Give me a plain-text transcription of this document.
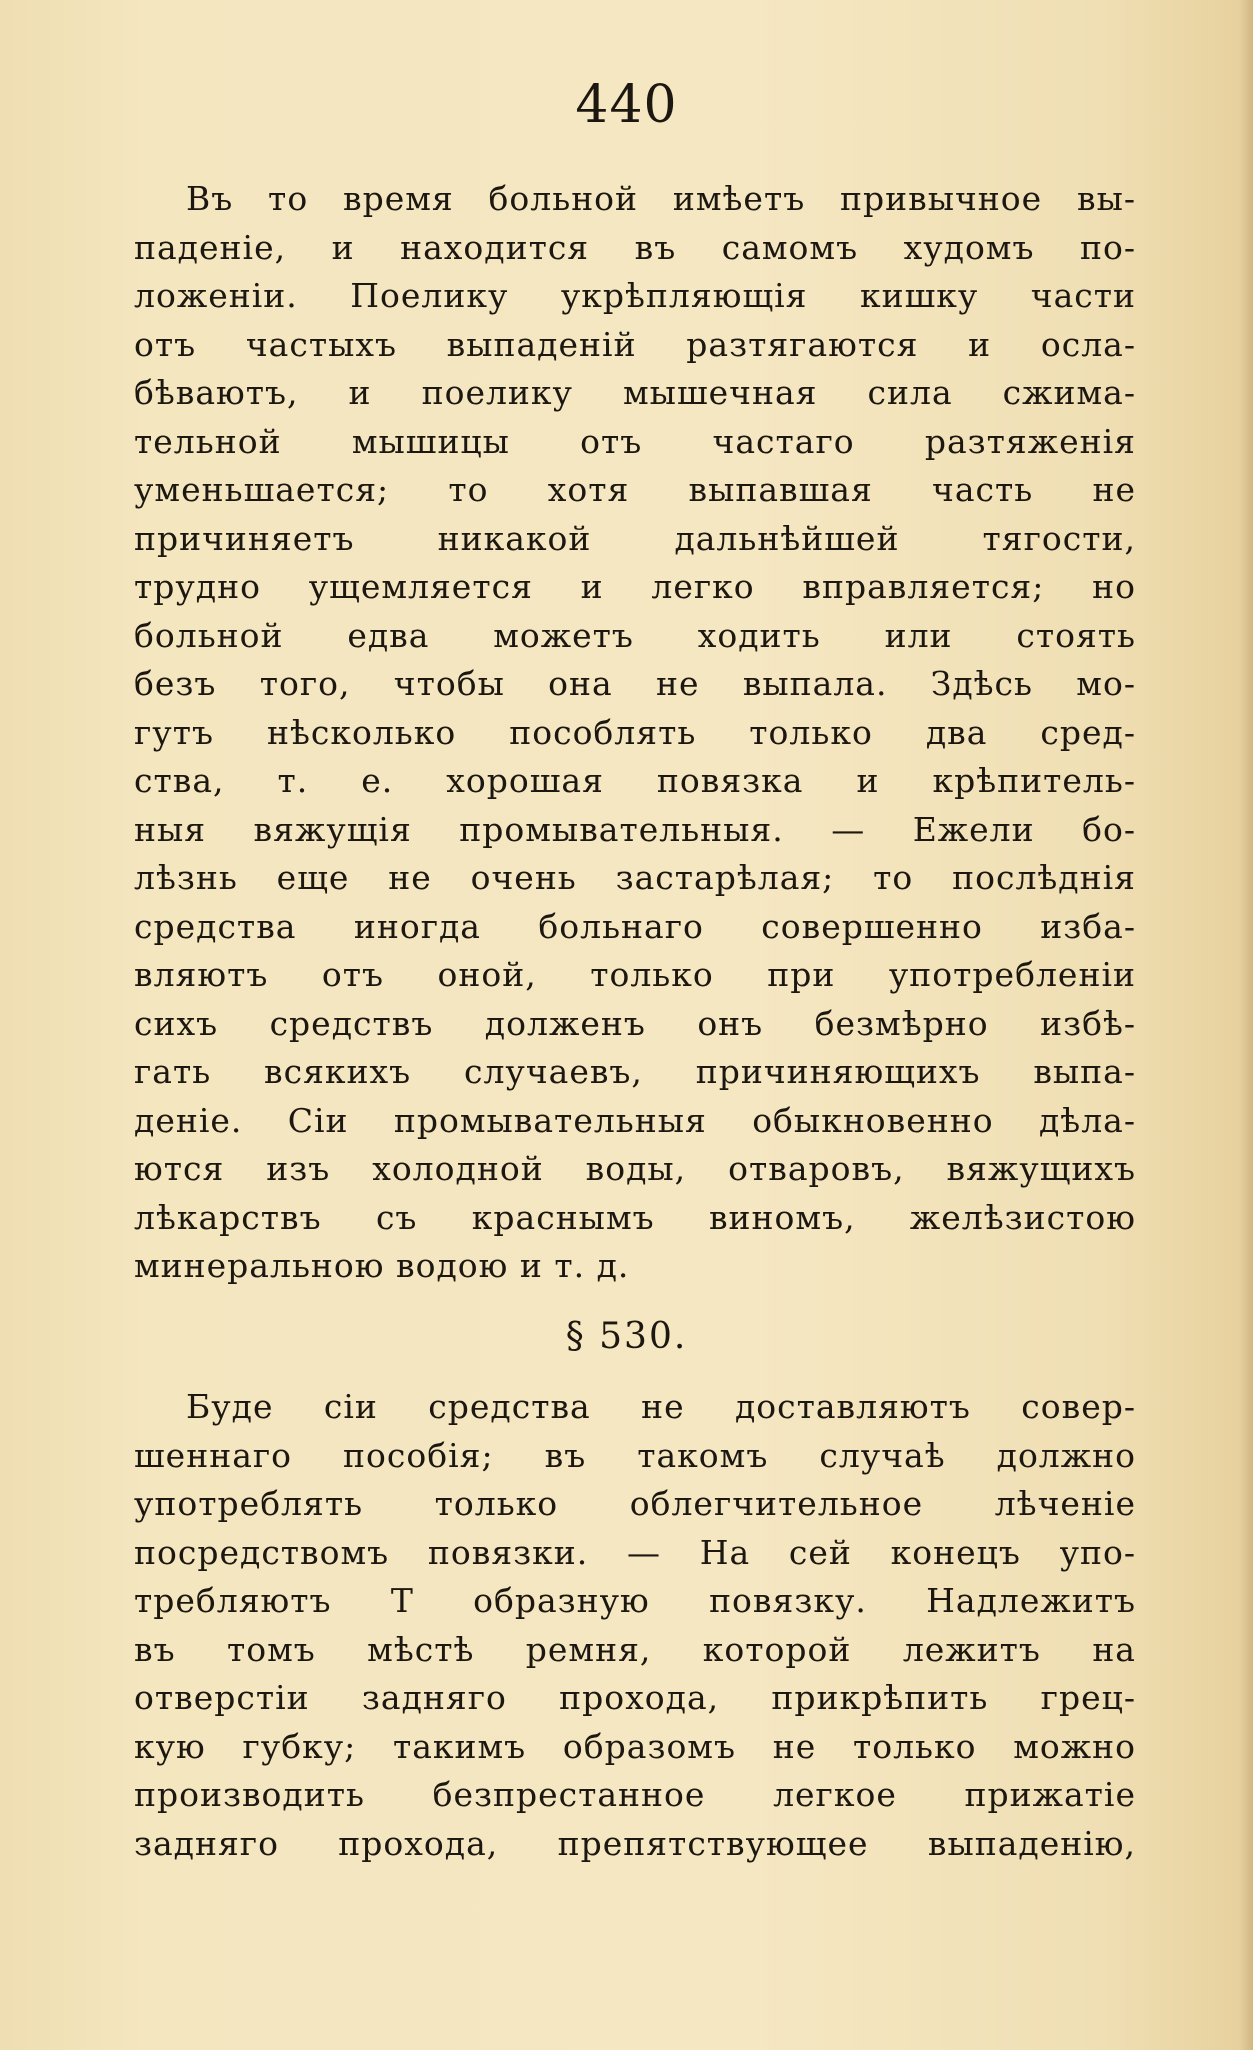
440
Въ то время больной имѣетъ привычное вы-
паденіе, и находится въ самомъ худомъ по-
ложеніи. Поелику укрѣпляющія кишку части
отъ частыхъ выпаденій разтягаются и осла-
бѣваютъ, и поелику мышечная сила сжима-
тельной мышицы отъ частаго разтяженія
уменьшается; то хотя выпавшая часть не
причиняетъ никакой дальнѣйшей тягости,
трудно ущемляется и легко вправляется; но
больной едва можетъ ходить или стоять
безъ того, чтобы она не выпала. Здѣсь мо-
гутъ нѣсколько пособлять только два сред-
ства, т. е. хорошая повязка и крѣпитель-
ныя вяжущія промывательныя. — Ежели бо-
лѣзнь еще не очень застарѣлая; то послѣднія
средства иногда больнаго совершенно изба-
вляютъ отъ оной, только при употребленіи
сихъ средствъ долженъ онъ безмѣрно избѣ-
гать всякихъ случаевъ, причиняющихъ выпа-
деніе. Сіи промывательныя обыкновенно дѣла-
ются изъ холодной воды, отваровъ, вяжущихъ
лѣкарствъ съ краснымъ виномъ, желѣзистою
минеральною водою и т. д.
§ 530.
Буде сіи средства не доставляютъ совер-
шеннаго пособія; въ такомъ случаѣ должно
употреблять только облегчительное лѣченіе
посредствомъ повязки. — На сей конецъ упо-
требляютъ Т образную повязку. Надлежитъ
въ томъ мѣстѣ ремня, которой лежитъ на
отверстіи задняго прохода, прикрѣпить грец-
кую губку; такимъ образомъ не только можно
производить безпрестанное легкое прижатіе
задняго прохода, препятствующее выпаденію,
